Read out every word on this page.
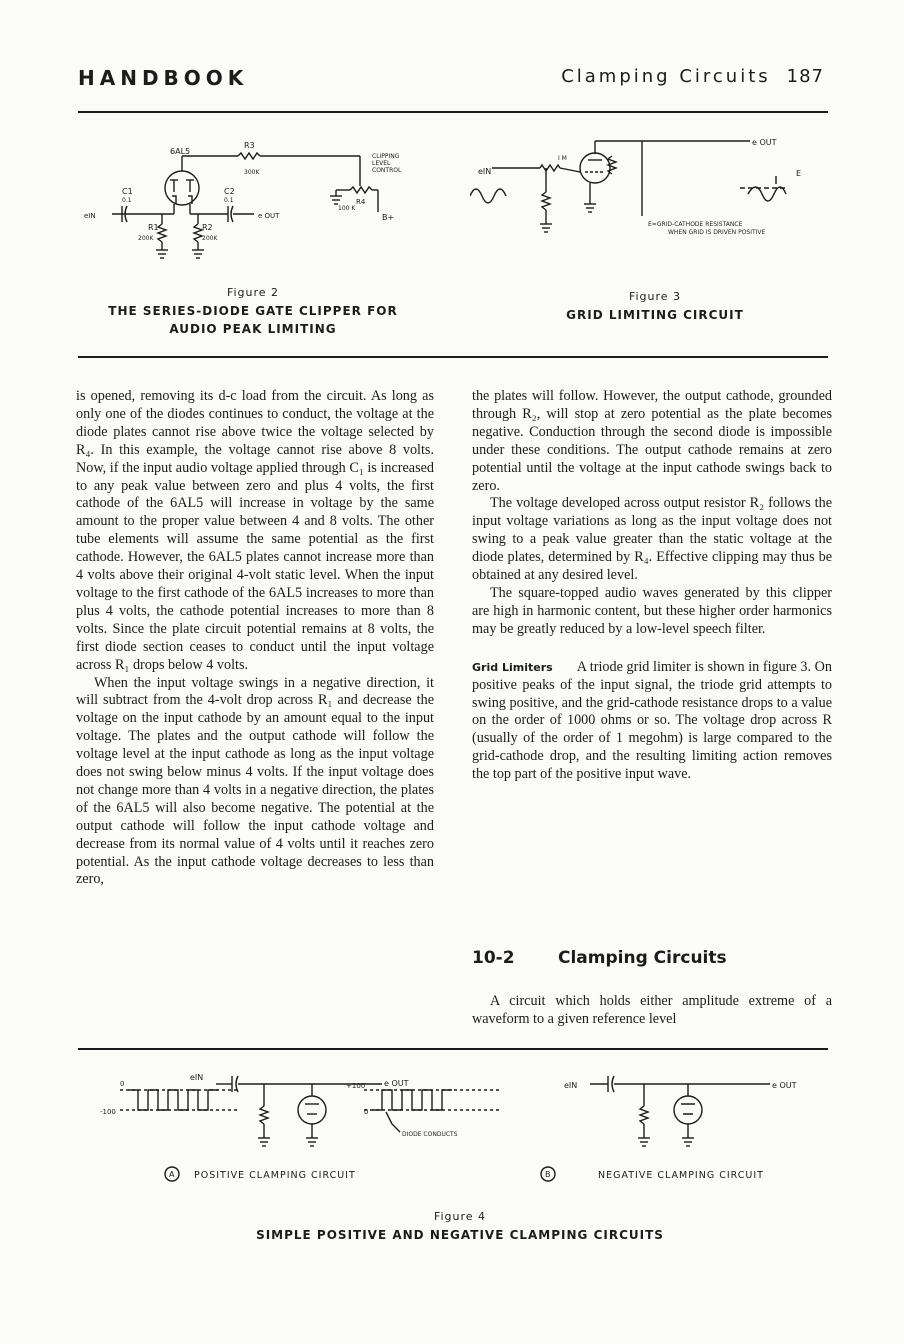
HANDBOOK	Clamping Circuits 187
6AL5
R3
300K
C1
0.1
C2
0.1
eIN	e OUT
R1
200K
R2
200K
CLIPPING
LEVEL
CONTROL
R4
100 K
B+
Figure 2
THE SERIES-DIODE GATE CLIPPER FOR
AUDIO PEAK LIMITING
e OUT
eIN
I M
E
E=GRID-CATHODE RESISTANCE
WHEN GRID IS DRIVEN POSITIVE
Figure 3
GRID LIMITING CIRCUIT

is opened, removing its d-c load from the circuit. As long as only one of the diodes continues to conduct, the voltage at the diode plates cannot rise above twice the voltage selected by R₄. In this example, the voltage cannot rise above 8 volts. Now, if the input audio voltage applied through C₁ is increased to any peak value between zero and plus 4 volts, the first cathode of the 6AL5 will increase in voltage by the same amount to the proper value between 4 and 8 volts. The other tube elements will assume the same potential as the first cathode. However, the 6AL5 plates cannot increase more than 4 volts above their original 4-volt static level. When the input voltage to the first cathode of the 6AL5 increases to more than plus 4 volts, the cathode potential increases to more than 8 volts. Since the plate circuit potential remains at 8 volts, the first diode section ceases to conduct until the input voltage across R₁ drops below 4 volts.

When the input voltage swings in a negative direction, it will subtract from the 4-volt drop across R₁ and decrease the voltage on the input cathode by an amount equal to the input voltage. The plates and the output cathode will follow the voltage level at the input cathode as long as the input voltage does not swing below minus 4 volts. If the input voltage does not change more than 4 volts in a negative direction, the plates of the 6AL5 will also become negative. The potential at the output cathode will follow the input cathode voltage and decrease from its normal value of 4 volts until it reaches zero potential. As the input cathode voltage decreases to less than zero,

the plates will follow. However, the output cathode, grounded through R₂, will stop at zero potential as the plate becomes negative. Conduction through the second diode is impossible under these conditions. The output cathode remains at zero potential until the voltage at the input cathode swings back to zero.

The voltage developed across output resistor R₂ follows the input voltage variations as long as the input voltage does not swing to a peak value greater than the static voltage at the diode plates, determined by R₄. Effective clipping may thus be obtained at any desired level.

The square-topped audio waves generated by this clipper are high in harmonic content, but these higher order harmonics may be greatly reduced by a low-level speech filter.

Grid Limiters A triode grid limiter is shown in figure 3. On positive peaks of the input signal, the triode grid attempts to swing positive, and the grid-cathode resistance drops to a value on the order of 1000 ohms or so. The voltage drop across R (usually of the order of 1 megohm) is large compared to the grid-cathode drop, and the resulting limiting action removes the top part of the positive input wave.

10-2	Clamping Circuits

A circuit which holds either amplitude extreme of a waveform to a given reference level

eIN
e OUT
0
-100
+100
0
DIODE CONDUCTS
eIN	e OUT
A	B
POSITIVE CLAMPING CIRCUIT	NEGATIVE CLAMPING CIRCUIT
Figure 4
SIMPLE POSITIVE AND NEGATIVE CLAMPING CIRCUITS
